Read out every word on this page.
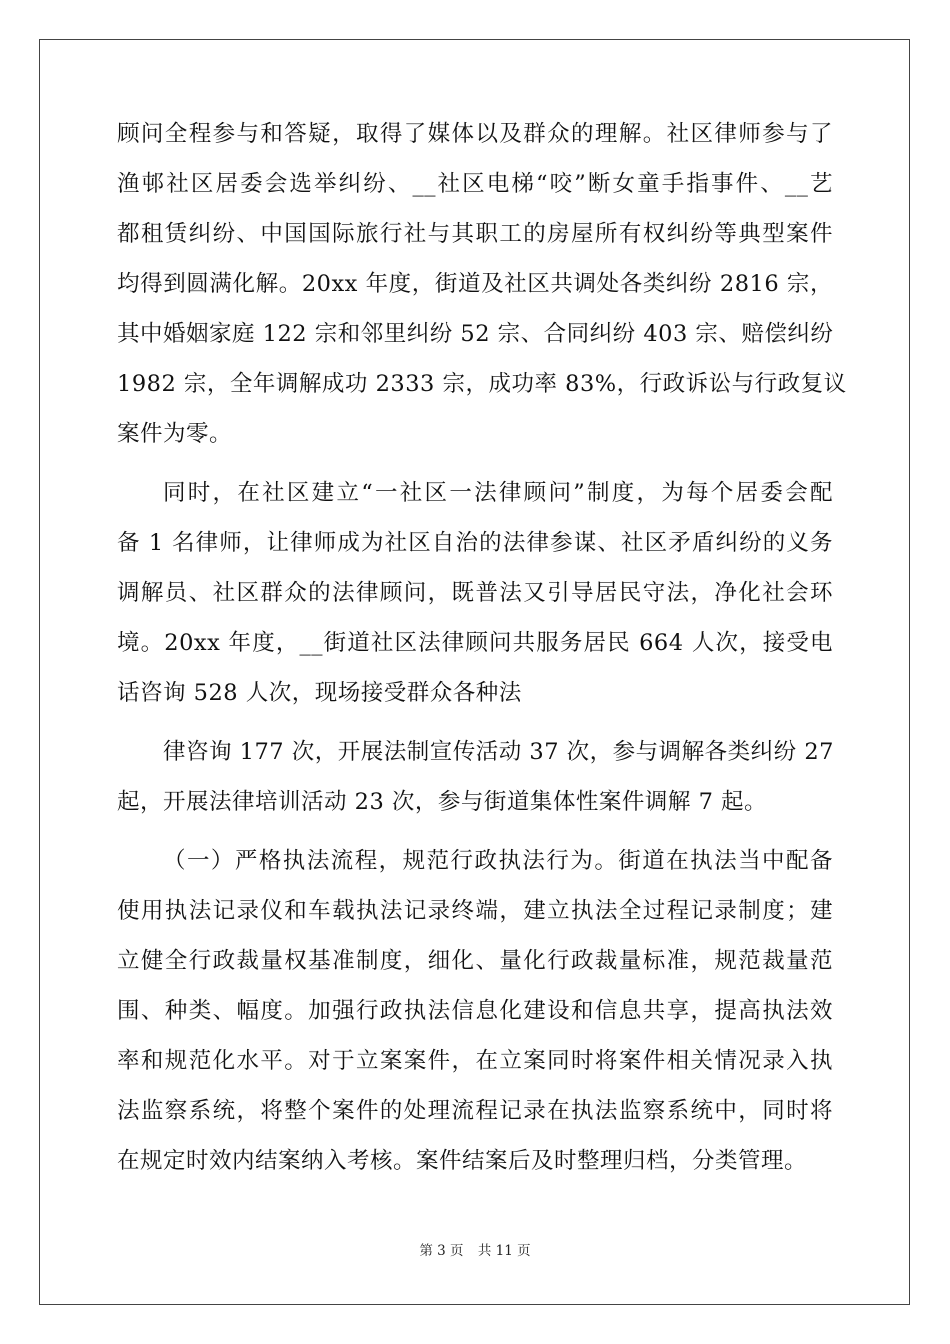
顾问全程参与和答疑，取得了媒体以及群众的理解。社区律师参与了
渔邨社区居委会选举纠纷、__社区电梯“咬”断女童手指事件、__艺
都租赁纠纷、中国国际旅行社与其职工的房屋所有权纠纷等典型案件
均得到圆满化解。20xx 年度，街道及社区共调处各类纠纷 2816 宗，
其中婚姻家庭 122 宗和邻里纠纷 52 宗、合同纠纷 403 宗、赔偿纠纷
1982 宗，全年调解成功 2333 宗，成功率 83%，行政诉讼与行政复议
案件为零。
同时，在社区建立“一社区一法律顾问”制度，为每个居委会配
备 1 名律师，让律师成为社区自治的法律参谋、社区矛盾纠纷的义务
调解员、社区群众的法律顾问，既普法又引导居民守法，净化社会环
境。20xx 年度，__街道社区法律顾问共服务居民 664 人次，接受电
话咨询 528 人次，现场接受群众各种法
律咨询 177 次，开展法制宣传活动 37 次，参与调解各类纠纷 27
起，开展法律培训活动 23 次，参与街道集体性案件调解 7 起。
（一）严格执法流程，规范行政执法行为。街道在执法当中配备
使用执法记录仪和车载执法记录终端，建立执法全过程记录制度；建
立健全行政裁量权基准制度，细化、量化行政裁量标准，规范裁量范
围、种类、幅度。加强行政执法信息化建设和信息共享，提高执法效
率和规范化水平。对于立案案件，在立案同时将案件相关情况录入执
法监察系统，将整个案件的处理流程记录在执法监察系统中，同时将
在规定时效内结案纳入考核。案件结案后及时整理归档，分类管理。
第 3 页 共 11 页
